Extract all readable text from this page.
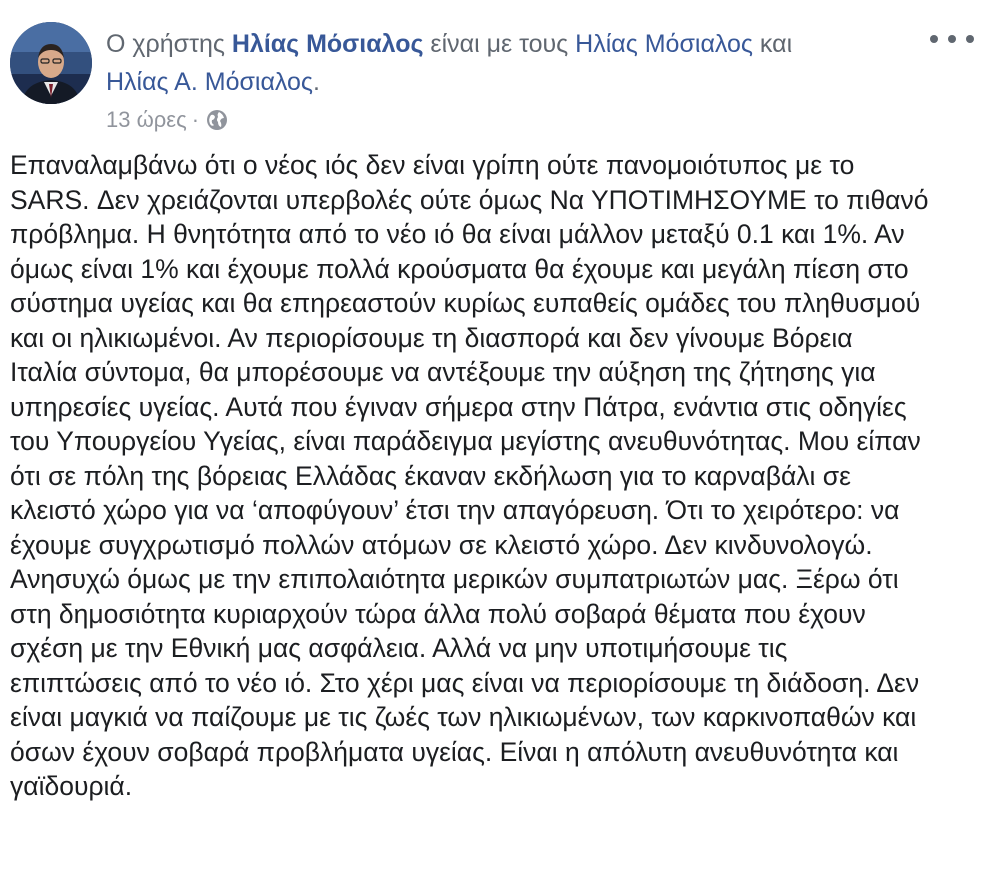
Ο χρήστης Ηλίας Μόσιαλος είναι με τους Ηλίας Μόσιαλος και
Ηλίας Α. Μόσιαλος.
13 ώρες ·
Επαναλαμβάνω ότι ο νέος ιός δεν είναι γρίπη ούτε πανομοιότυπος με το
SARS. Δεν χρειάζονται υπερβολές ούτε όμως Να ΥΠΟΤΙΜΗΣΟΥΜΕ το πιθανό
πρόβλημα. Η θνητότητα από το νέο ιό θα είναι μάλλον μεταξύ 0.1 και 1%. Αν
όμως είναι 1% και έχουμε πολλά κρούσματα θα έχουμε και μεγάλη πίεση στο
σύστημα υγείας και θα επηρεαστούν κυρίως ευπαθείς ομάδες του πληθυσμού
και οι ηλικιωμένοι. Αν περιορίσουμε τη διασπορά και δεν γίνουμε Βόρεια
Ιταλία σύντομα, θα μπορέσουμε να αντέξουμε την αύξηση της ζήτησης για
υπηρεσίες υγείας. Αυτά που έγιναν σήμερα στην Πάτρα, ενάντια στις οδηγίες
του Υπουργείου Υγείας, είναι παράδειγμα μεγίστης ανευθυνότητας. Μου είπαν
ότι σε πόλη της βόρειας Ελλάδας έκαναν εκδήλωση για το καρναβάλι σε
κλειστό χώρο για να ‘αποφύγουν’ έτσι την απαγόρευση. Ότι το χειρότερο: να
έχουμε συγχρωτισμό πολλών ατόμων σε κλειστό χώρο. Δεν κινδυνολογώ.
Ανησυχώ όμως με την επιπολαιότητα μερικών συμπατριωτών μας. Ξέρω ότι
στη δημοσιότητα κυριαρχούν τώρα άλλα πολύ σοβαρά θέματα που έχουν
σχέση με την Εθνική μας ασφάλεια. Αλλά να μην υποτιμήσουμε τις
επιπτώσεις από το νέο ιό. Στο χέρι μας είναι να περιορίσουμε τη διάδοση. Δεν
είναι μαγκιά να παίζουμε με τις ζωές των ηλικιωμένων, των καρκινοπαθών και
όσων έχουν σοβαρά προβλήματα υγείας. Είναι η απόλυτη ανευθυνότητα και
γαϊδουριά.
